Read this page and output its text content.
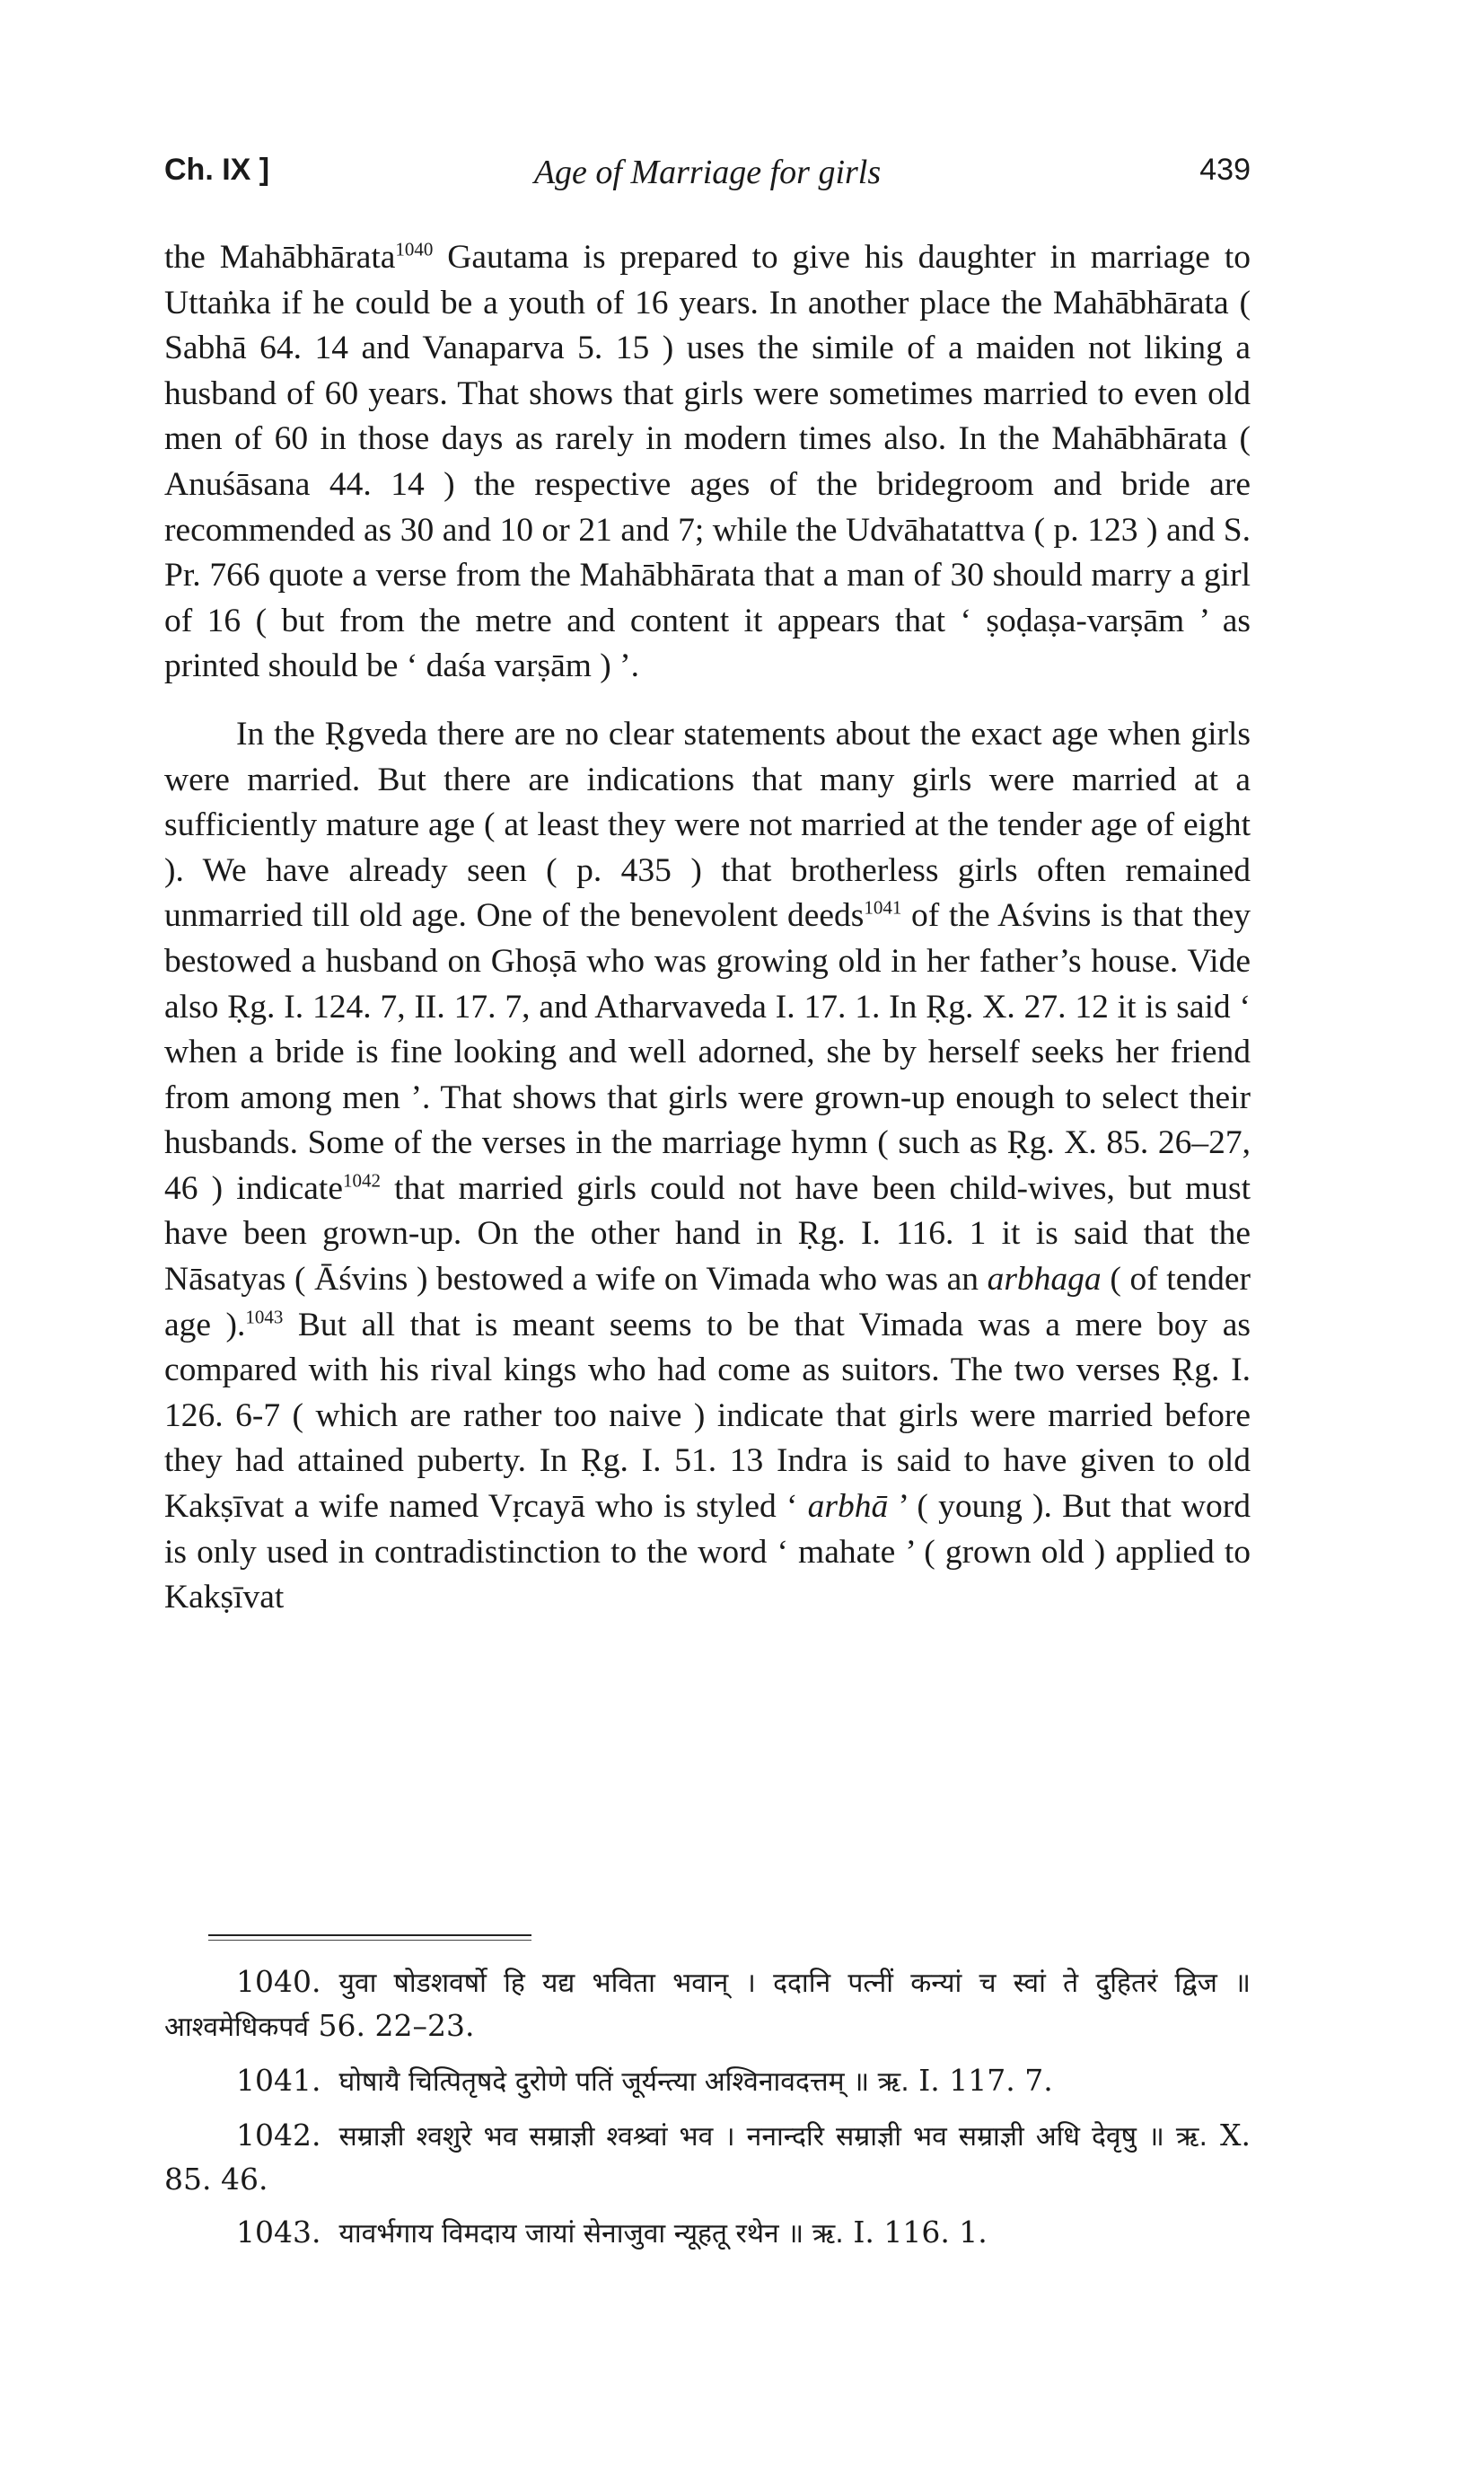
Ch. IX ]	Age of Marriage for girls	439

the Mahābhārata$^{1040}$ Gautama is prepared to give his daughter in marriage to Uttaṅka if he could be a youth of 16 years. In another place the Mahābhārata ( Sabhā 64. 14 and Vanaparva 5. 15 ) uses the simile of a maiden not liking a husband of 60 years. That shows that girls were sometimes married to even old men of 60 in those days as rarely in modern times also. In the Mahābhārata ( Anuśāsana 44. 14 ) the respective ages of the bridegroom and bride are recommended as 30 and 10 or 21 and 7; while the Udvāhatattva ( p. 123 ) and S. Pr. 766 quote a verse from the Mahābhārata that a man of 30 should marry a girl of 16 ( but from the metre and content it appears that ‘ ṣoḍaṣa-varṣām ’ as printed should be ‘ daśa varṣām ) ’.

In the Ṛgveda there are no clear statements about the exact age when girls were married. But there are indications that many girls were married at a sufficiently mature age ( at least they were not married at the tender age of eight ). We have already seen ( p. 435 ) that brotherless girls often remained unmarried till old age. One of the benevolent deeds$^{1041}$ of the Aśvins is that they bestowed a husband on Ghoṣā who was growing old in her father’s house. Vide also Ṛg. I. 124. 7, II. 17. 7, and Atharvaveda I. 17. 1. In Ṛg. X. 27. 12 it is said ‘ when a bride is fine looking and well adorned, she by herself seeks her friend from among men ’. That shows that girls were grown-up enough to select their husbands. Some of the verses in the marriage hymn ( such as Ṛg. X. 85. 26–27, 46 ) indicate$^{1042}$ that married girls could not have been child-wives, but must have been grown-up. On the other hand in Ṛg. I. 116. 1 it is said that the Nāsatyas ( Āśvins ) bestowed a wife on Vimada who was an arbhaga ( of tender age ).$^{1043}$ But all that is meant seems to be that Vimada was a mere boy as compared with his rival kings who had come as suitors. The two verses Ṛg. I. 126. 6-7 ( which are rather too naive ) indicate that girls were married before they had attained puberty. In Ṛg. I. 51. 13 Indra is said to have given to old Kakṣīvat a wife named Vṛcayā who is styled ‘ arbhā ’ ( young ). But that word is only used in contradistinction to the word ‘ mahate ’ ( grown old ) applied to Kakṣīvat

1040. युवा षोडशवर्षो हि यद्य भविता भवान् । ददानि पत्नीं कन्यां च स्वां ते दुहितरं द्विज ॥ आश्वमेधिकपर्व 56. 22–23.

1041. घोषायै चित्पितृषदे दुरोणे पतिं जूर्यन्त्या अश्विनावदत्तम् ॥ ऋ. I. 117. 7.

1042. सम्राज्ञी श्वशुरे भव सम्राज्ञी श्वश्र्वां भव । ननान्दरि सम्राज्ञी भव सम्राज्ञी अधि देवृषु ॥ ऋ. X. 85. 46.

1043. यावर्भगाय विमदाय जायां सेनाजुवा न्यूहतू रथेन ॥ ऋ. I. 116. 1.
